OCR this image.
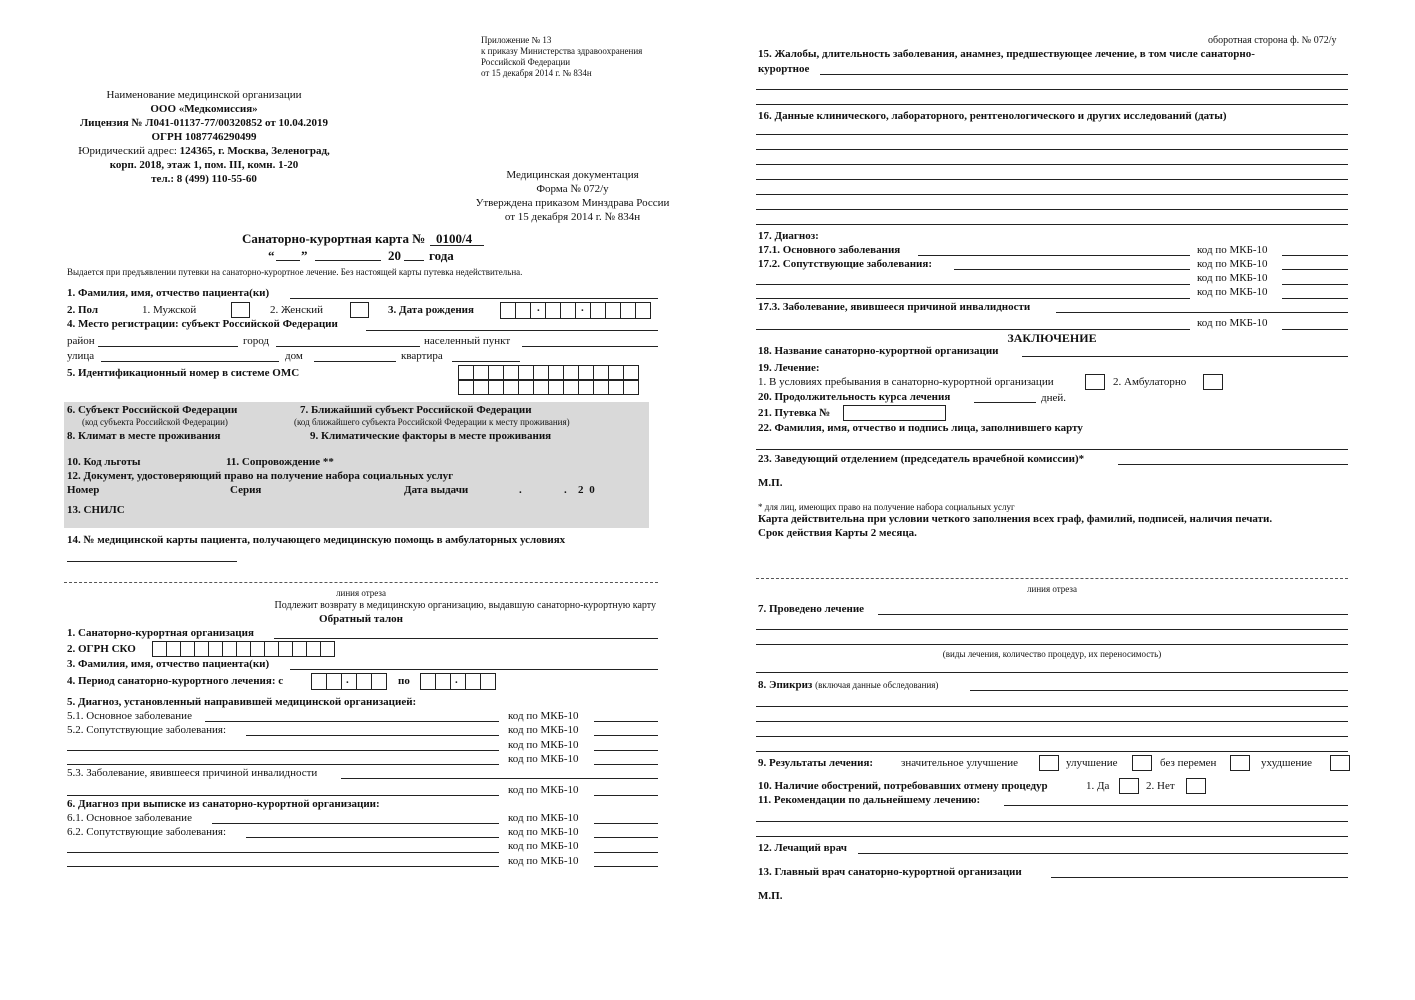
Приложение № 13
к приказу Министерства здравоохранения
Российской Федерации
от 15 декабря 2014 г. № 834н
Наименование медицинской организации
ООО «Медкомиссия»
Лицензия № Л041-01137-77/00320852 от 10.04.2019
ОГРН 1087746290499
Юридический адрес: 124365, г. Москва, Зеленоград,
корп. 2018, этаж 1, пом. III, комн. 1-20
тел.: 8 (499) 110-55-60	Медицинская документация
Форма № 072/у
Утверждена приказом Минздрава России
от 15 декабря 2014 г. № 834н
Санаторно-курортная карта № 0100/4
“ ”	20 года
Выдается при предъявлении путевки на санаторно-курортное лечение. Без настоящей карты путевка недействительна.
1. Фамилия, имя, отчество пациента(ки)
2. Пол	1. Мужской	2. Женский	3. Дата рождения	.	.
4. Место регистрации: субъект Российской Федерации
район	город	населенный пункт
улица	дом	квартира
5. Идентификационный номер в системе ОМС
6. Субъект Российской Федерации
(код субъекта Российской Федерации)
7. Ближайший субъект Российской Федерации
(код ближайшего субъекта Российской Федерации к месту проживания)
8. Климат в месте проживания	9. Климатические факторы в месте проживания
10. Код льготы	11. Сопровождение **
12. Документ, удостоверяющий право на получение набора социальных услуг
Номер	Серия	Дата выдачи	.	. 2 0
13. СНИЛС
14. № медицинской карты пациента, получающего медицинскую помощь в амбулаторных условиях
линия отреза
Подлежит возврату в медицинскую организацию, выдавшую санаторно-курортную карту
Обратный талон
1. Санаторно-курортная организация
2. ОГРН СКО
3. Фамилия, имя, отчество пациента(ки)
4. Период санаторно-курортного лечения: с	.	по	.
5. Диагноз, установленный направившей медицинской организацией:
5.1. Основное заболевание	код по МКБ-10
5.2. Сопутствующие заболевания:	код по МКБ-10
код по МКБ-10
код по МКБ-10
5.3. Заболевание, явившееся причиной инвалидности
код по МКБ-10
6. Диагноз при выписке из санаторно-курортной организации:
6.1. Основное заболевание	код по МКБ-10
6.2. Сопутствующие заболевания:	код по МКБ-10
код по МКБ-10
код по МКБ-10
оборотная сторона ф. № 072/у
15. Жалобы, длительность заболевания, анамнез, предшествующее лечение, в том числе санаторно-
курортное
16. Данные клинического, лабораторного, рентгенологического и других исследований (даты)
17. Диагноз:
17.1. Основного заболевания	код по МКБ-10
17.2. Сопутствующие заболевания:	код по МКБ-10
код по МКБ-10
код по МКБ-10
17.3. Заболевание, явившееся причиной инвалидности
код по МКБ-10
ЗАКЛЮЧЕНИЕ
18. Название санаторно-курортной организации
19. Лечение:
1. В условиях пребывания в санаторно-курортной организации	2. Амбулаторно
20. Продолжительность курса лечения	дней.
21. Путевка №
22. Фамилия, имя, отчество и подпись лица, заполнившего карту
23. Заведующий отделением (председатель врачебной комиссии)*
М.П.
* для лиц, имеющих право на получение набора социальных услуг
Карта действительна при условии четкого заполнения всех граф, фамилий, подписей, наличия печати.
Срок действия Карты 2 месяца.
линия отреза
7. Проведено лечение
(виды лечения, количество процедур, их переносимость)
8. Эпикриз (включая данные обследования)
9. Результаты лечения:	значительное улучшение	улучшение	без перемен	ухудшение
10. Наличие обострений, потребовавших отмену процедур	1. Да	2. Нет
11. Рекомендации по дальнейшему лечению:
12. Лечащий врач
13. Главный врач санаторно-курортной организации
М.П.
